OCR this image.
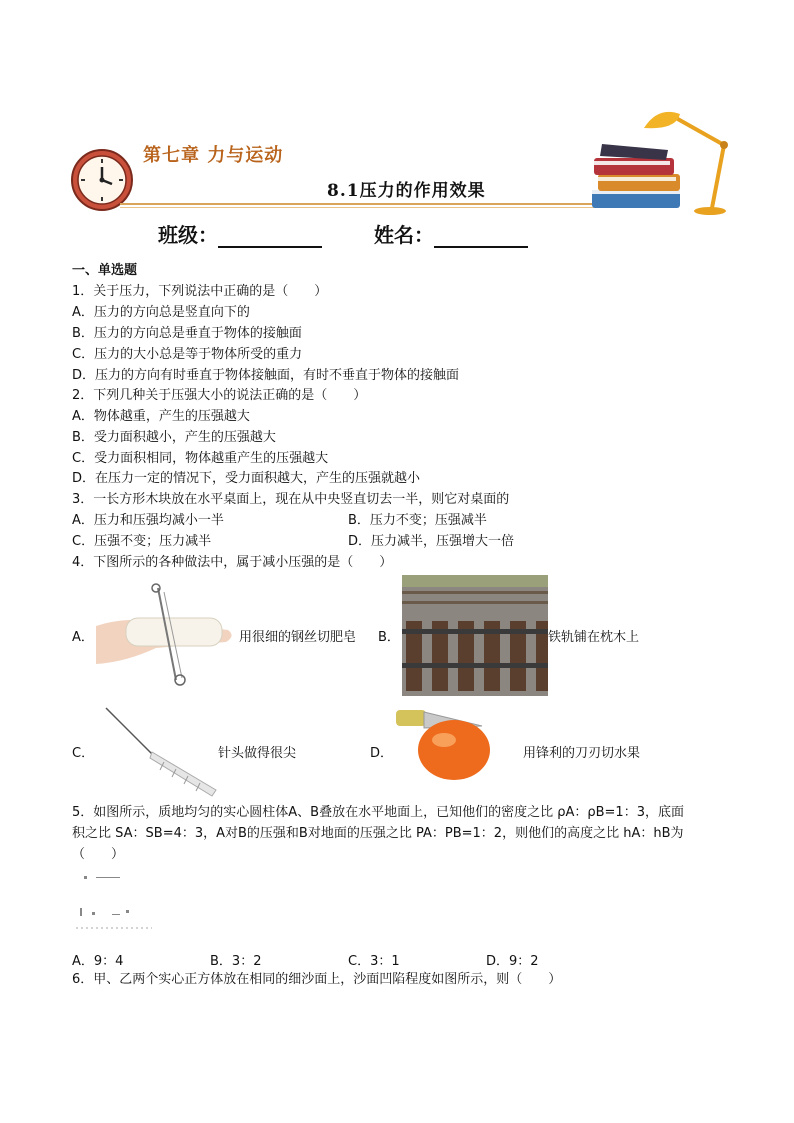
第七章 力与运动
8.1压力的作用效果
班级：	姓名：
一、单选题
1．关于压力，下列说法中正确的是（　　）
A．压力的方向总是竖直向下的
B．压力的方向总是垂直于物体的接触面
C．压力的大小总是等于物体所受的重力
D．压力的方向有时垂直于物体接触面，有时不垂直于物体的接触面
2．下列几种关于压强大小的说法正确的是（　　）
A．物体越重，产生的压强越大
B．受力面积越小，产生的压强越大
C．受力面积相同，物体越重产生的压强越大
D．在压力一定的情况下，受力面积越大，产生的压强就越小
3．一长方形木块放在水平桌面上，现在从中央竖直切去一半，则它对桌面的
A．压力和压强均减小一半	B．压力不变；压强减半
C．压强不变；压力减半	D．压力减半，压强增大一倍
4．下图所示的各种做法中，属于减小压强的是（　　）
A．	用很细的钢丝切肥皂 B．	铁轨铺在枕木上
C．	针头做得很尖	D．	用锋利的刀刃切水果
5．如图所示，质地均匀的实心圆柱体A、B叠放在水平地面上，已知他们的密度之比 ρA：ρB=1：3，底面
积之比 SA：SB=4：3，A对B的压强和B对地面的压强之比 PA：PB=1：2，则他们的高度之比 hA：hB为
（　　）
A．9：4	B．3：2	C．3：1	D．9：2
6．甲、乙两个实心正方体放在相同的细沙面上，沙面凹陷程度如图所示，则（　　）
